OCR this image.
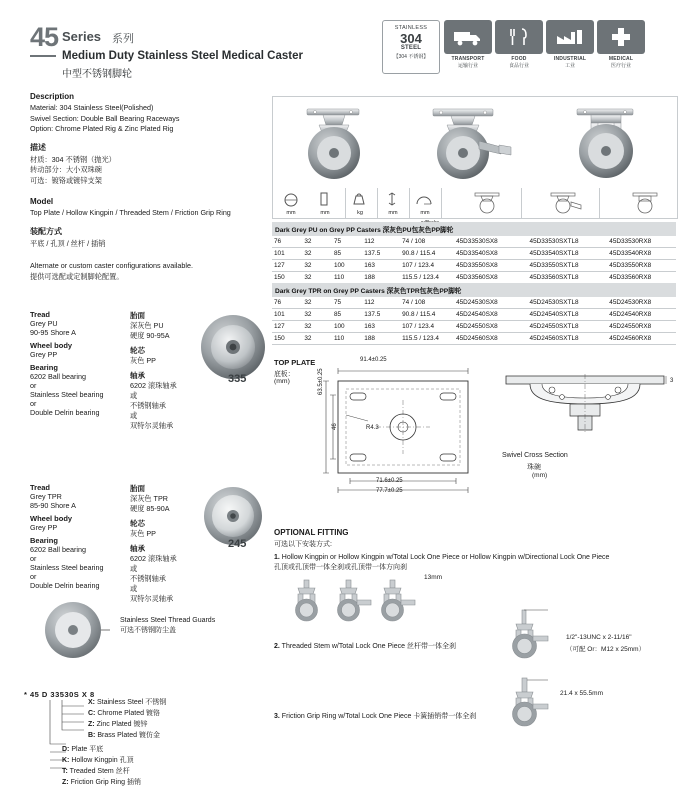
45 Series 系列
Medium Duty Stainless Steel Medical Caster
中型不锈钢脚轮
STAINLESS
304
STEEL
【304 不锈钢】	TRANSPORT
运输行业
FOOD
食品行业
INDUSTRIAL
工业
MEDICAL
医疗行业
Description
Material: 304 Stainless Steel(Polished)
Swivel Section: Double Ball Bearing Raceways
Option: Chrome Plated Rig & Zinc Plated Rig
描述
材质：304 不锈钢（抛光）
转动部分：大小双珠碗
可选：镀铬或镀锌支架
Model
Top Plate / Hollow Kingpin / Threaded Stem / Friction Grip Ring
装配方式
平底 / 孔顶 / 丝杆 / 插销
Alternate or custom caster configurations available.
提供可选配或定制脚轮配置。
Tread
Grey PU
90-95 Shore A
Wheel body
Grey PP
Bearing
6202 Ball bearing
or
Stainless Steel bearing
or
Double Delrin bearing
胎面
深灰色 PU
硬度 90-95A
轮芯
灰色 PP
轴承
6202 滚珠轴承
或
不锈钢轴承
或
双特尔灵轴承
335
Tread
Grey TPR
85-90 Shore A
Wheel body
Grey PP
Bearing
6202 Ball bearing
or
Stainless Steel bearing
or
Double Delrin bearing
胎面
深灰色 TPR
硬度 85-90A
轮芯
灰色 PP
轴承
6202 滚珠轴承
或
不锈钢轴承
或
双特尔灵轴承
245
Stainless Steel Thread Guards
可选不锈钢防尘盖
mm	mm	kg	mm	mm
Dark Grey PU on Grey PP Casters 深灰色PU包灰色PP脚轮
76	32	75	112	74 / 108	45D33530SX8	45D33530SXTL8	45D33530RX8
101	32	85	137.5	90.8 / 115.4	45D33540SX8	45D33540SXTL8	45D33540RX8
127	32	100	163	107 / 123.4	45D33550SX8	45D33550SXTL8	45D33550RX8
150	32	110	188	115.5 / 123.4	45D33560SX8	45D33560SXTL8	45D33560RX8
Dark Grey TPR on Grey PP Casters 深灰色TPR包灰色PP脚轮
76	32	75	112	74 / 108	45D24530SX8	45D24530SXTL8	45D24530RX8
101	32	85	137.5	90.8 / 115.4	45D24540SX8	45D24540SXTL8	45D24540RX8
127	32	100	163	107 / 123.4	45D24550SX8	45D24550SXTL8	45D24550RX8
150	32	110	188	115.5 / 123.4	45D24560SX8	45D24560SXTL8	45D24560RX8
TOP PLATE
底板：
(mm)
91.4±0.25
63.5±0.25
46	R4.3
71.6±0.25
77.7±0.25
3
Swivel Cross Section
珠碗
(mm)
OPTIONAL FITTING
可选以下安装方式:
1. Hollow Kingpin or Hollow Kingpin w/Total Lock One Piece or Hollow Kingpin w/Directional Lock One Piece
孔顶或孔顶带一体全刹或孔顶带一体方向刹
13mm
2. Threaded Stem w/Total Lock One Piece 丝杆带一体全刹
1/2"-13UNC x 2-11/16"
（可配 Or：M12 x 25mm）
3. Friction Grip Ring w/Total Lock One Piece 卡簧插销带一体全刹
21.4 x 55.5mm
* 45 D 33530S X 8
X: Stainless Steel 不锈钢
C: Chrome Plated 镀铬
Z: Zinc Plated 镀锌
B: Brass Plated 镀仿金
D: Plate 平底
K: Hollow Kingpin 孔顶
T: Treaded Stem 丝杆
Z: Friction Grip Ring 插销
